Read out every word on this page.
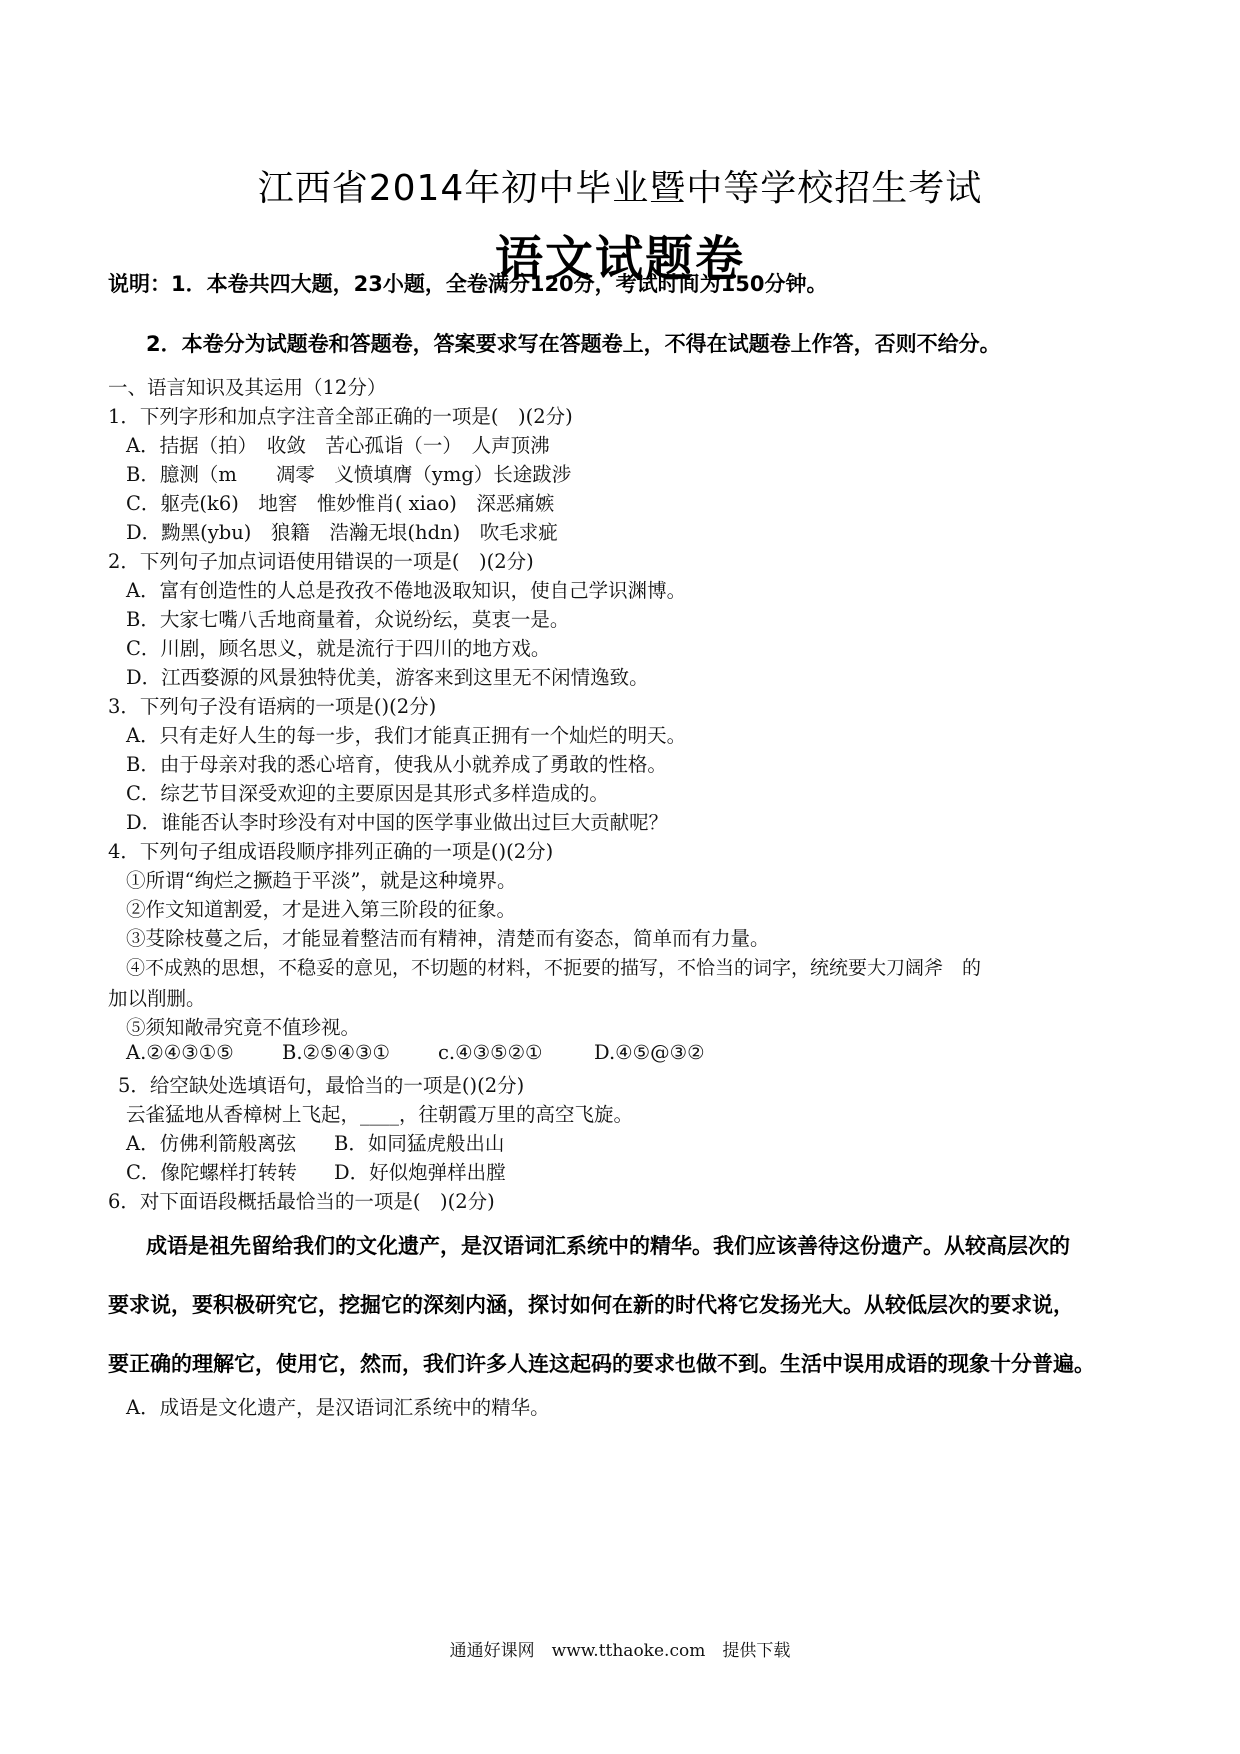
江西省2014年初中毕业暨中等学校招生考试
语文试题卷
说明：1．本卷共四大题，23小题，全卷满分120分，考试时间为150分钟。
2．本卷分为试题卷和答题卷，答案要求写在答题卷上，不得在试题卷上作答，否则不给分。
一、语言知识及其运用（12分）
1．下列字形和加点字注音全部正确的一项是(　)(2分)
A．拮据（拍）　收敛　苦心孤诣（一）　人声顶沸
B．臆测（m　　凋零　义愤填膺（ymg）长途跋涉
C．躯壳(k6)　地窖　惟妙惟肖( xiao)　深恶痛嫉
D．黝黑(ybu)　狼籍　浩瀚无垠(hdn)　吹毛求疵
2．下列句子加点词语使用错误的一项是(　)(2分)
A．富有创造性的人总是孜孜不倦地汲取知识，使自己学识渊博。
B．大家七嘴八舌地商量着，众说纷纭，莫衷一是。
C．川剧，顾名思义，就是流行于四川的地方戏。
D．江西婺源的风景独特优美，游客来到这里无不闲情逸致。
3．下列句子没有语病的一项是()(2分)
A．只有走好人生的每一步，我们才能真正拥有一个灿烂的明天。
B．由于母亲对我的悉心培育，使我从小就养成了勇敢的性格。
C．综艺节目深受欢迎的主要原因是其形式多样造成的。
D．谁能否认李时珍没有对中国的医学事业做出过巨大贡献呢？
4．下列句子组成语段顺序排列正确的一项是()(2分)
①所谓“绚烂之撅趋于平淡”，就是这种境界。
②作文知道割爱，才是进入第三阶段的征象。
③芟除枝蔓之后，才能显着整洁而有精神，清楚而有姿态，简单而有力量。
④不成熟的思想，不稳妥的意见，不切题的材料，不扼要的描写，不恰当的词字，统统要大刀阔斧　的
加以削删。
⑤须知敞帚究竟不值珍视。
A.②④③①⑤ B.②⑤④③① c.④③⑤②①	D.④⑤@③②
5．给空缺处选填语句，最恰当的一项是()(2分)
云雀猛地从香樟树上飞起，____，往朝霞万里的高空飞旋。
A．仿佛利箭般离弦 B．如同猛虎般出山
C．像陀螺样打转转 D．好似炮弹样出膛
6．对下面语段概括最恰当的一项是(　)(2分)
成语是祖先留给我们的文化遗产，是汉语词汇系统中的精华。我们应该善待这份遗产。从较高层次的
要求说，要积极研究它，挖掘它的深刻内涵，探讨如何在新的时代将它发扬光大。从较低层次的要求说，
要正确的理解它，使用它，然而，我们许多人连这起码的要求也做不到。生活中误用成语的现象十分普遍。
A．成语是文化遗产，是汉语词汇系统中的精华。
通通好课网　www.tthaoke.com　提供下载
